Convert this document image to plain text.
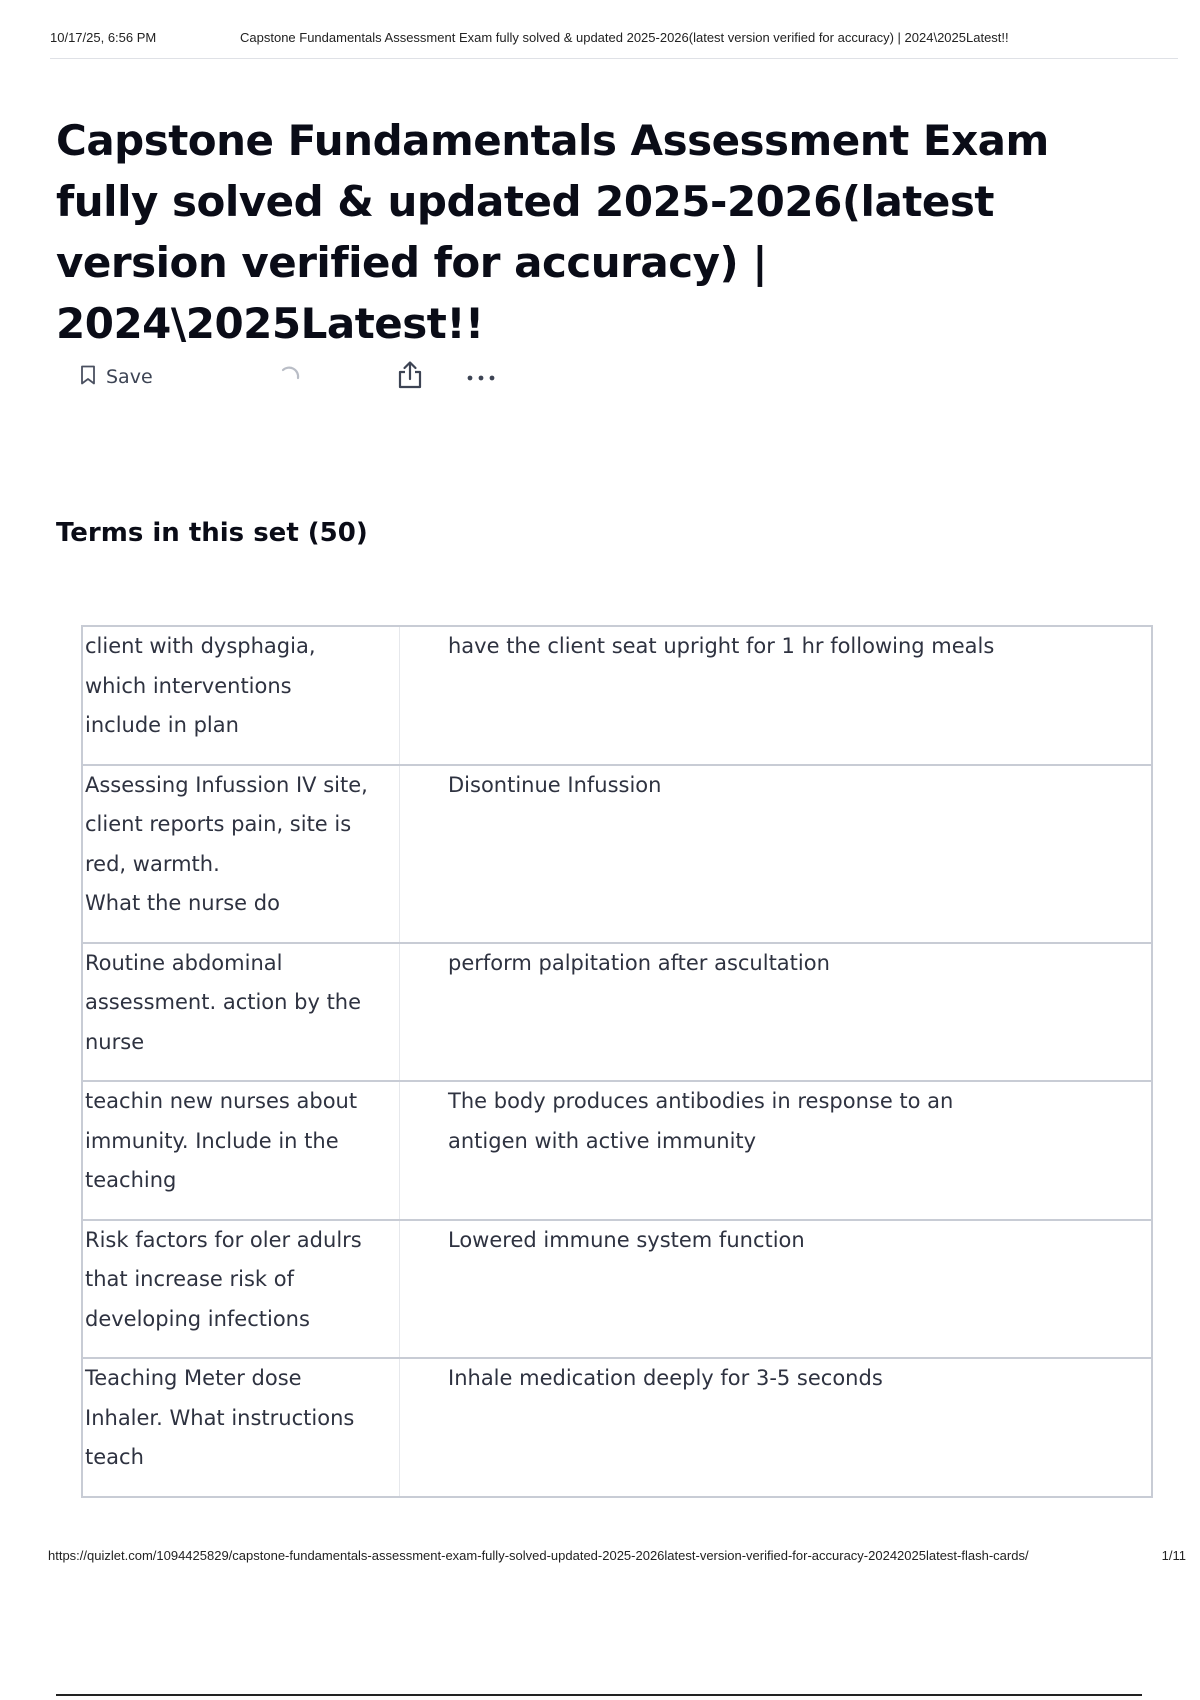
10/17/25, 6:56 PM	Capstone Fundamentals Assessment Exam fully solved & updated 2025-2026(latest version verified for accuracy) | 2024\2025Latest!!
Capstone Fundamentals Assessment Exam fully solved & updated 2025-2026(latest version verified for accuracy) | 2024\2025Latest!!
Save
Terms in this set (50)
client with dysphagia,
which interventions
include in plan	have the client seat upright for 1 hr following meals

Assessing Infussion IV site,
client reports pain, site is
red, warmth.
What the nurse do	Disontinue Infussion

Routine abdominal
assessment. action by the
nurse	perform palpitation after ascultation

teachin new nurses about
immunity. Include in the
teaching	The body produces antibodies in response to an
antigen with active immunity

Risk factors for oler adulrs
that increase risk of
developing infections	Lowered immune system function

Teaching Meter dose
Inhaler. What instructions
teach	Inhale medication deeply for 3-5 seconds
https://quizlet.com/1094425829/capstone-fundamentals-assessment-exam-fully-solved-updated-2025-2026latest-version-verified-for-accuracy-20242025latest-flash-cards/	1/11
